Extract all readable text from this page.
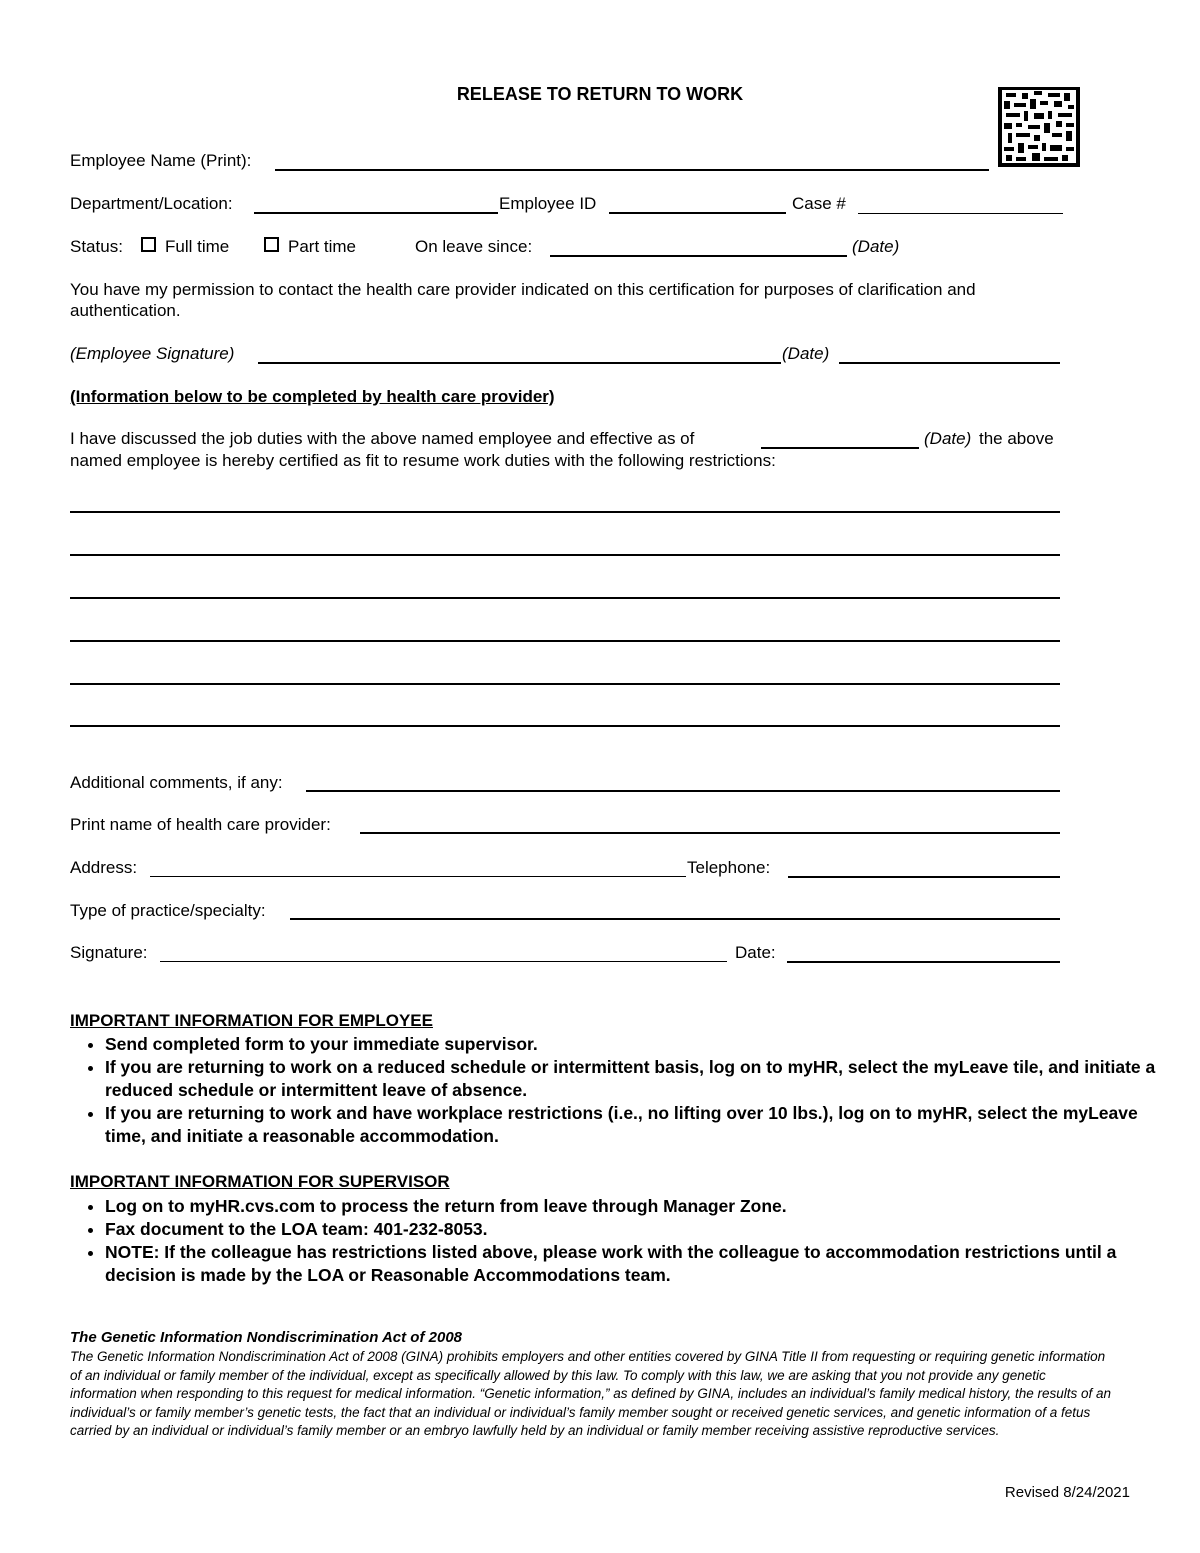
RELEASE TO RETURN TO WORK
Employee Name (Print):
Department/Location:	Employee ID	Case #
Status: Full time	Part time	On leave since:	(Date)
You have my permission to contact the health care provider indicated on this certification for purposes of clarification and authentication.
(Employee Signature)	(Date)
(Information below to be completed by health care provider)
I have discussed the job duties with the above named employee and effective as of	(Date) the above
named employee is hereby certified as fit to resume work duties with the following restrictions:
Additional comments, if any:
Print name of health care provider:
Address:	Telephone:
Type of practice/specialty:
Signature:	Date:
IMPORTANT INFORMATION FOR EMPLOYEE
• Send completed form to your immediate supervisor.
• If you are returning to work on a reduced schedule or intermittent basis, log on to myHR, select the myLeave tile, and initiate a reduced schedule or intermittent leave of absence.
• If you are returning to work and have workplace restrictions (i.e., no lifting over 10 lbs.), log on to myHR, select the myLeave time, and initiate a reasonable accommodation.
IMPORTANT INFORMATION FOR SUPERVISOR
• Log on to myHR.cvs.com to process the return from leave through Manager Zone.
• Fax document to the LOA team: 401-232-8053.
• NOTE: If the colleague has restrictions listed above, please work with the colleague to accommodation restrictions until a decision is made by the LOA or Reasonable Accommodations team.
The Genetic Information Nondiscrimination Act of 2008
The Genetic Information Nondiscrimination Act of 2008 (GINA) prohibits employers and other entities covered by GINA Title II from requesting or requiring genetic information of an individual or family member of the individual, except as specifically allowed by this law. To comply with this law, we are asking that you not provide any genetic information when responding to this request for medical information. “Genetic information,” as defined by GINA, includes an individual’s family medical history, the results of an individual’s or family member’s genetic tests, the fact that an individual or individual’s family member sought or received genetic services, and genetic information of a fetus carried by an individual or individual’s family member or an embryo lawfully held by an individual or family member receiving assistive reproductive services.
Revised 8/24/2021
